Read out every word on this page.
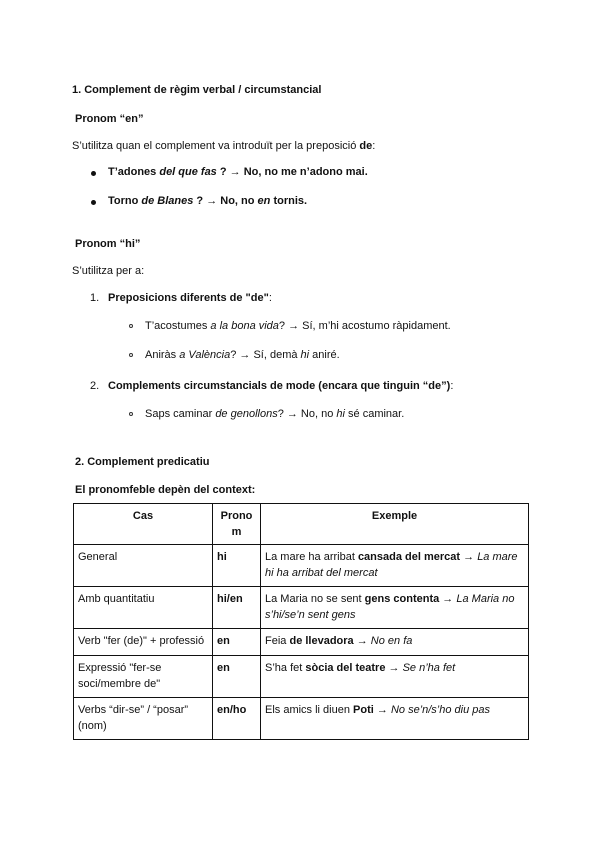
1. Complement de règim verbal / circumstancial
Pronom “en”
S’utilitza quan el complement va introduït per la preposició de:
T’adones del que fas ? → No, no me n’adono mai.
Torno de Blanes ? → No, no en tornis.
Pronom “hi”
S’utilitza per a:
1. Preposicions diferents de "de":
T’acostumes a la bona vida? → Sí, m’hi acostumo ràpidament.
Aniràs a València? → Sí, demà hi aniré.
2. Complements circumstancials de mode (encara que tinguin “de”):
Saps caminar de genollons? → No, no hi sé caminar.
2. Complement predicatiu
El pronomfeble depèn del context:
Cas	Prono m	Exemple
General	hi	La mare ha arribat cansada del mercat → La mare hi ha arribat del mercat
Amb quantitatiu	hi/en	La Maria no se sent gens contenta → La Maria no s’hi/se’n sent gens
Verb "fer (de)" + professió	en	Feia de llevadora → No en fa
Expressió "fer-se soci/membre de"	en	S’ha fet sòcia del teatre → Se n’ha fet
Verbs “dir-se” / “posar” (nom)	en/ho	Els amics li diuen Poti → No se’n/s’ho diu pas
